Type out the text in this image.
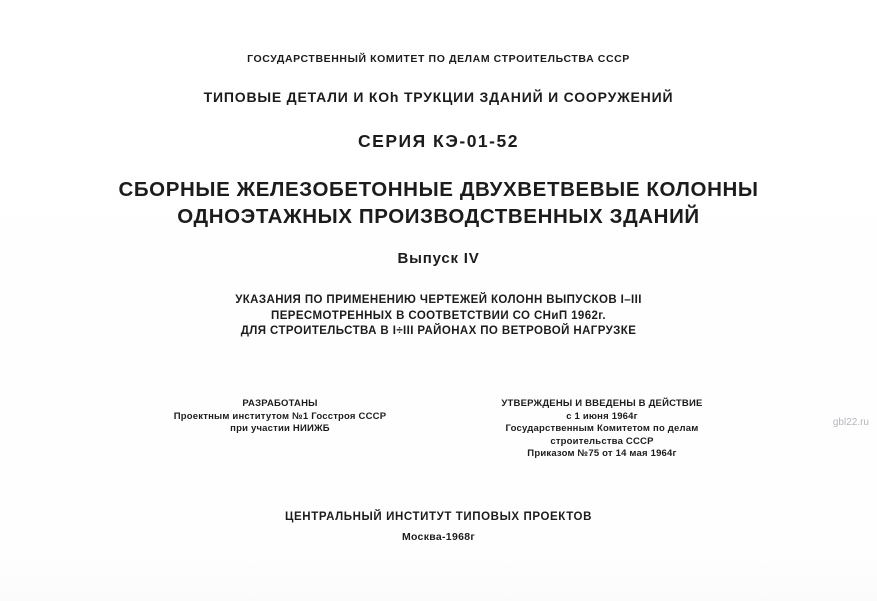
ГОСУДАРСТВЕННЫЙ КОМИТЕТ ПО ДЕЛАМ СТРОИТЕЛЬСТВА СССР
ТИПОВЫЕ ДЕТАЛИ И КОh ТРУКЦИИ ЗДАНИЙ И СООРУЖЕНИЙ
СЕРИЯ КЭ-01-52
СБОРНЫЕ ЖЕЛЕЗОБЕТОННЫЕ ДВУХВЕТВЕВЫЕ КОЛОННЫ
ОДНОЭТАЖНЫХ ПРОИЗВОДСТВЕННЫХ ЗДАНИЙ
Выпуск IV
УКАЗАНИЯ ПО ПРИМЕНЕНИЮ ЧЕРТЕЖЕЙ КОЛОНН ВЫПУСКОВ I–III
ПЕРЕСМОТРЕННЫХ В СООТВЕТСТВИИ СО СНиП 1962г.
ДЛЯ СТРОИТЕЛЬСТВА В I÷III РАЙОНАХ ПО ВЕТРОВОЙ НАГРУЗКЕ
РАЗРАБОТАНЫ
Проектным институтом №1 Госстроя СССР
при участии НИИЖБ
УТВЕРЖДЕНЫ И ВВЕДЕНЫ В ДЕЙСТВИЕ
с 1 июня 1964г
Государственным Комитетом по делам
строительства СССР
Приказом №75 от 14 мая 1964г
ЦЕНТРАЛЬНЫЙ ИНСТИТУТ ТИПОВЫХ ПРОЕКТОВ
Москва-1968г
gbl22.ru
